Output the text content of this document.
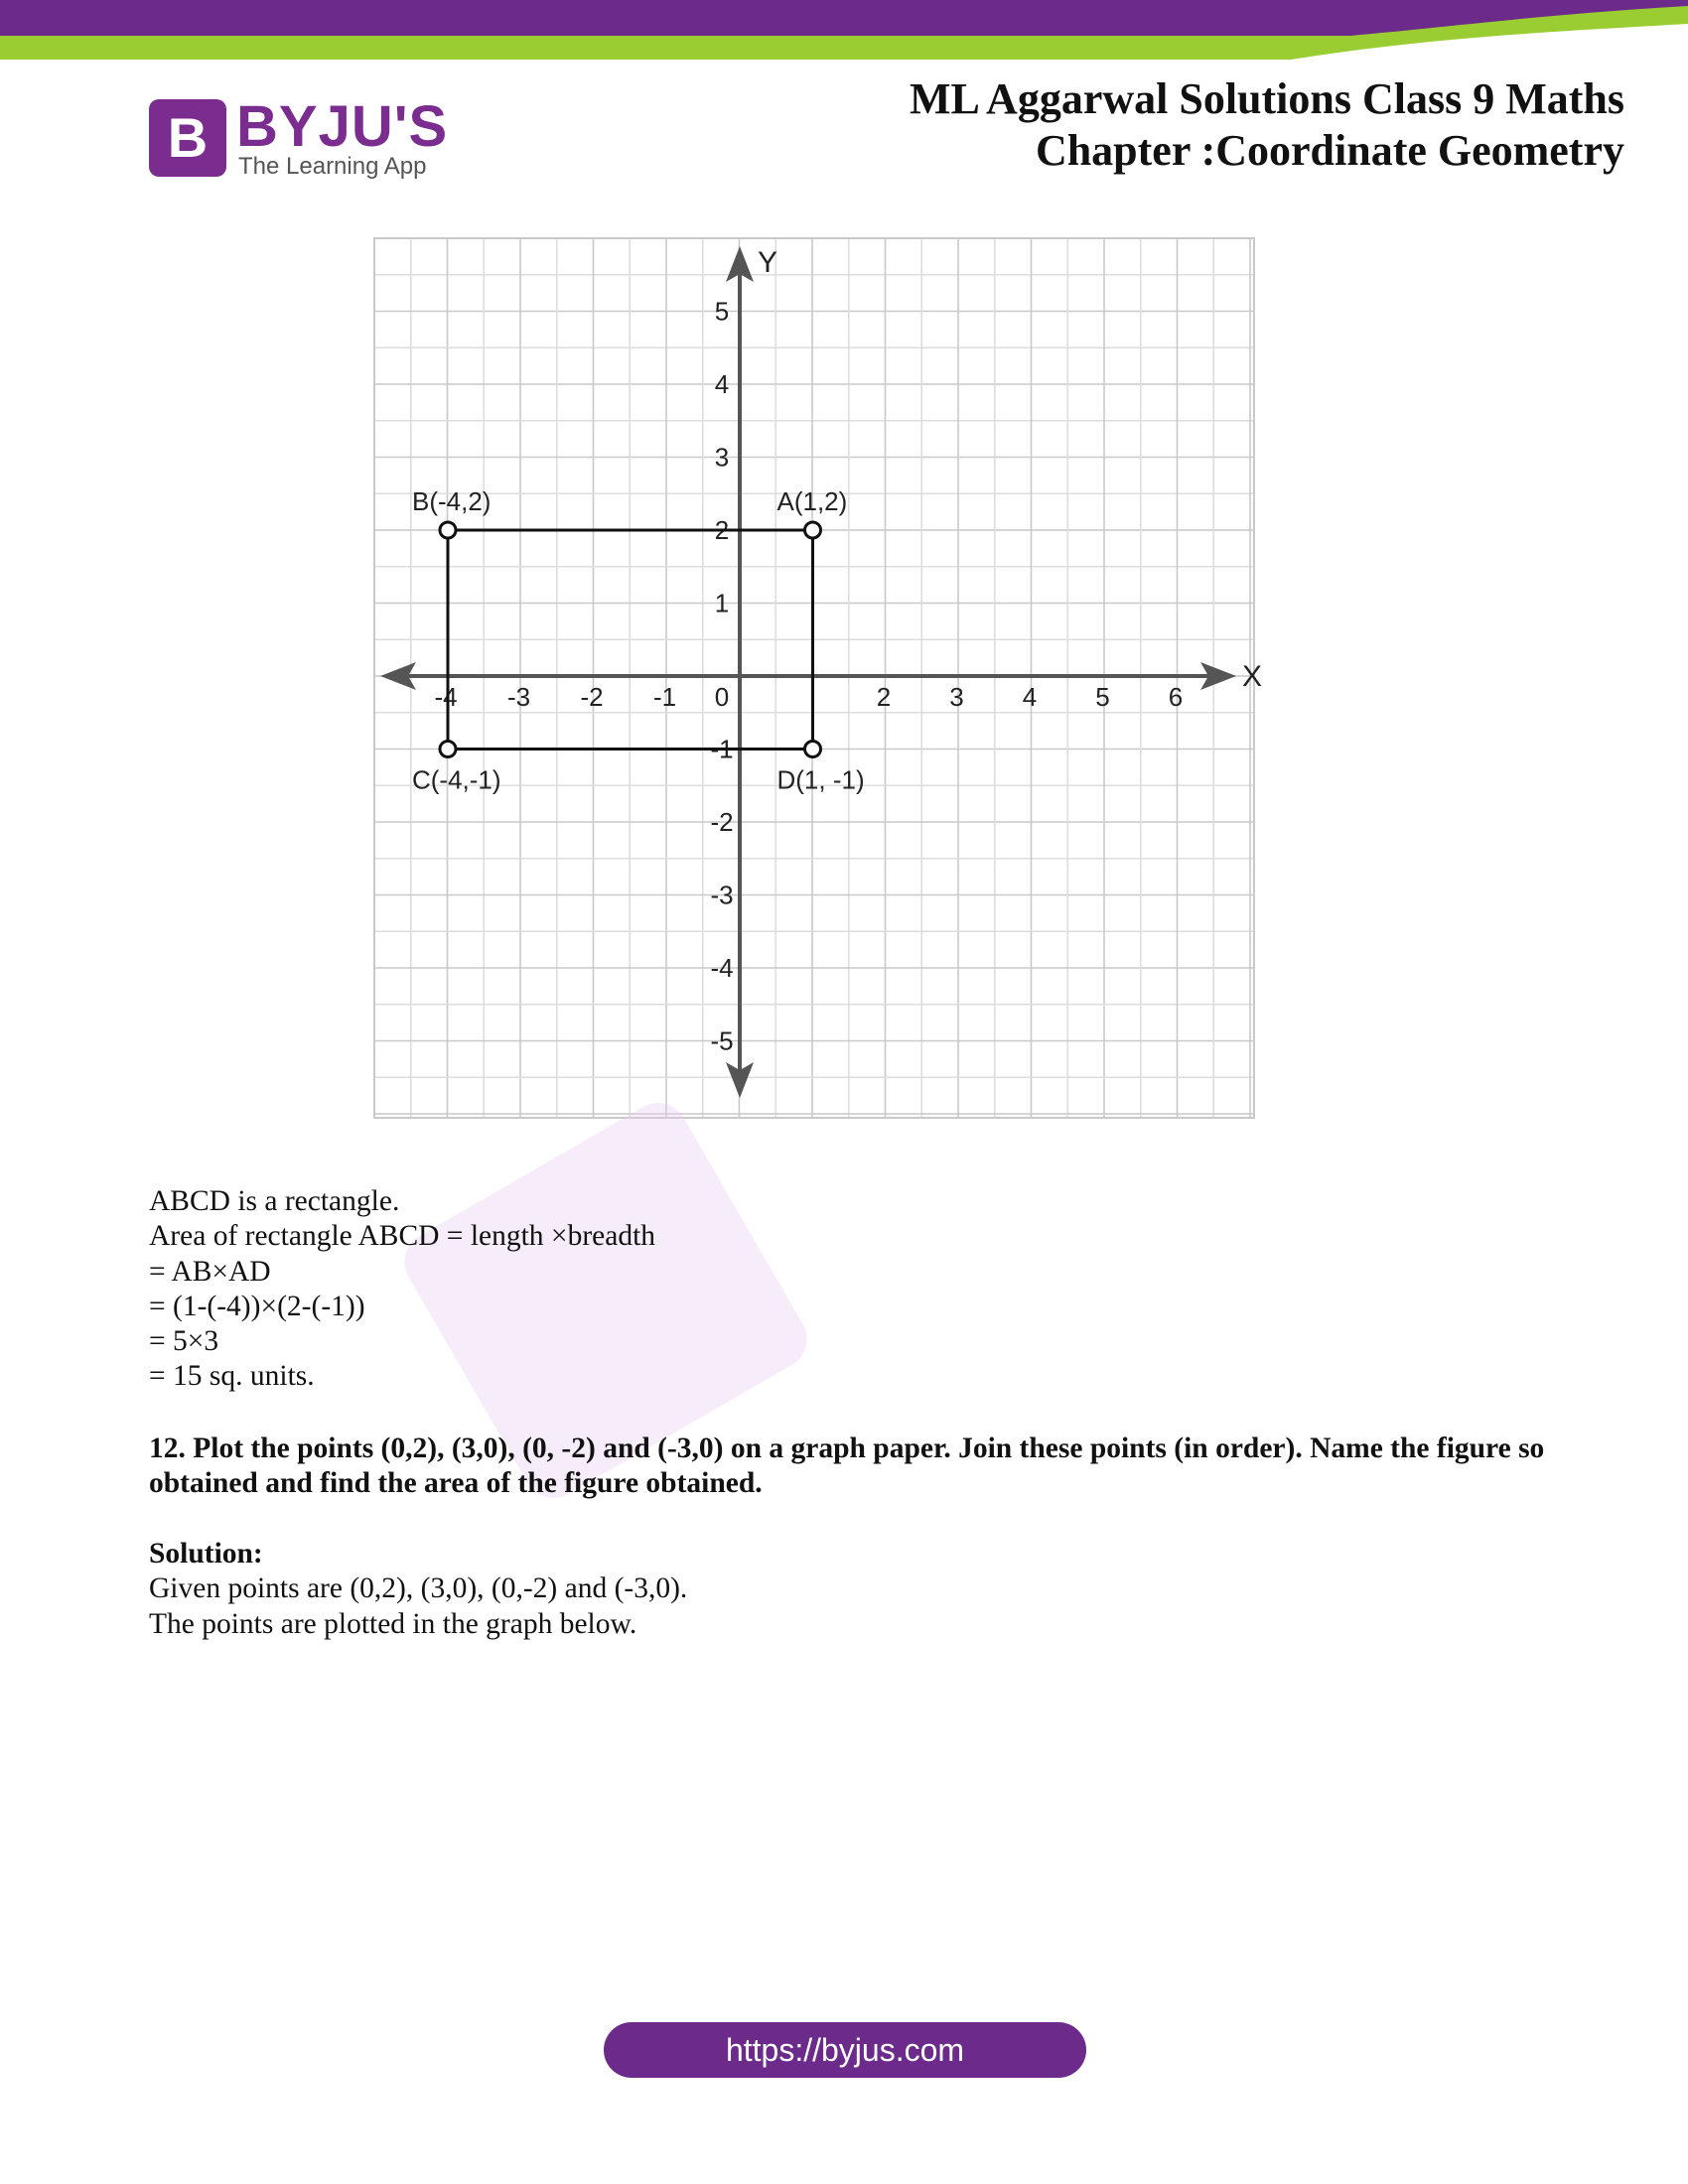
B BYJU'S
The Learning App
ML Aggarwal Solutions Class 9 Maths
Chapter :Coordinate Geometry
X
Y
0
-4 -3 -2 -1	2 3 4 5 6
5
4
3
2
1
-1
-2
-3
-4
-5
A(1,2)
B(-4,2)
C(-4,-1)	D(1, -1)
ABCD is a rectangle.
Area of rectangle ABCD = length ×breadth
= AB×AD
= (1-(-4))×(2-(-1))
= 5×3
= 15 sq. units.
12. Plot the points (0,2), (3,0), (0, -2) and (-3,0) on a graph paper. Join these points (in order). Name the figure so obtained and find the area of the figure obtained.
Solution:
Given points are (0,2), (3,0), (0,-2) and (-3,0).
The points are plotted in the graph below.
https://byjus.com
